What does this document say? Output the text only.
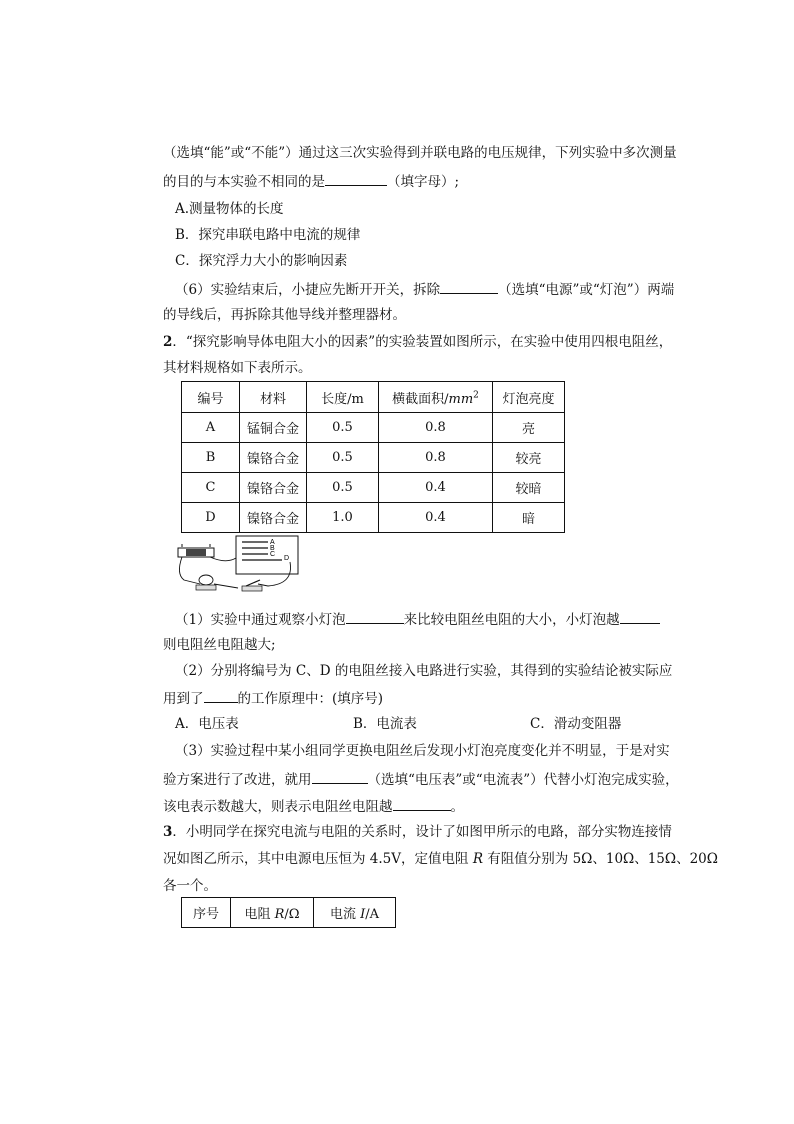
（选填“能”或“不能”）通过这三次实验得到并联电路的电压规律，下列实验中多次测量
的目的与本实验不相同的是	（填字母）;
A.测量物体的长度
B．探究串联电路中电流的规律
C．探究浮力大小的影响因素
（6）实验结束后，小捷应先断开开关，拆除	（选填“电源”或“灯泡”）两端
的导线后，再拆除其他导线并整理器材。
2．“探究影响导体电阻大小的因素”的实验装置如图所示，在实验中使用四根电阻丝，
其材料规格如下表所示。
编号	材料	长度/m	横截面积$/mm^2$	灯泡亮度
A	锰铜合金	0.5	0.8	亮
B	镍铬合金	0.5	0.8	较亮
C	镍铬合金	0.5	0.4	较暗
D	镍铬合金	1.0	0.4	暗
A
B
C
D
（1）实验中通过观察小灯泡	来比较电阻丝电阻的大小，小灯泡越
则电阻丝电阻越大;
（2）分别将编号为 C、D 的电阻丝接入电路进行实验，其得到的实验结论被实际应
用到了	的工作原理中：(填序号)
A．电压表	B．电流表	C．滑动变阻器
（3）实验过程中某小组同学更换电阻丝后发现小灯泡亮度变化并不明显，于是对实
验方案进行了改进，就用	（选填“电压表”或“电流表”）代替小灯泡完成实验，
该电表示数越大，则表示电阻丝电阻越	。
3．小明同学在探究电流与电阻的关系时，设计了如图甲所示的电路，部分实物连接情
况如图乙所示，其中电源电压恒为 4.5V，定值电阻 R 有阻值分别为 5Ω、10Ω、15Ω、20Ω
各一个。
序号	电阻 R/Ω	电流 I/A
